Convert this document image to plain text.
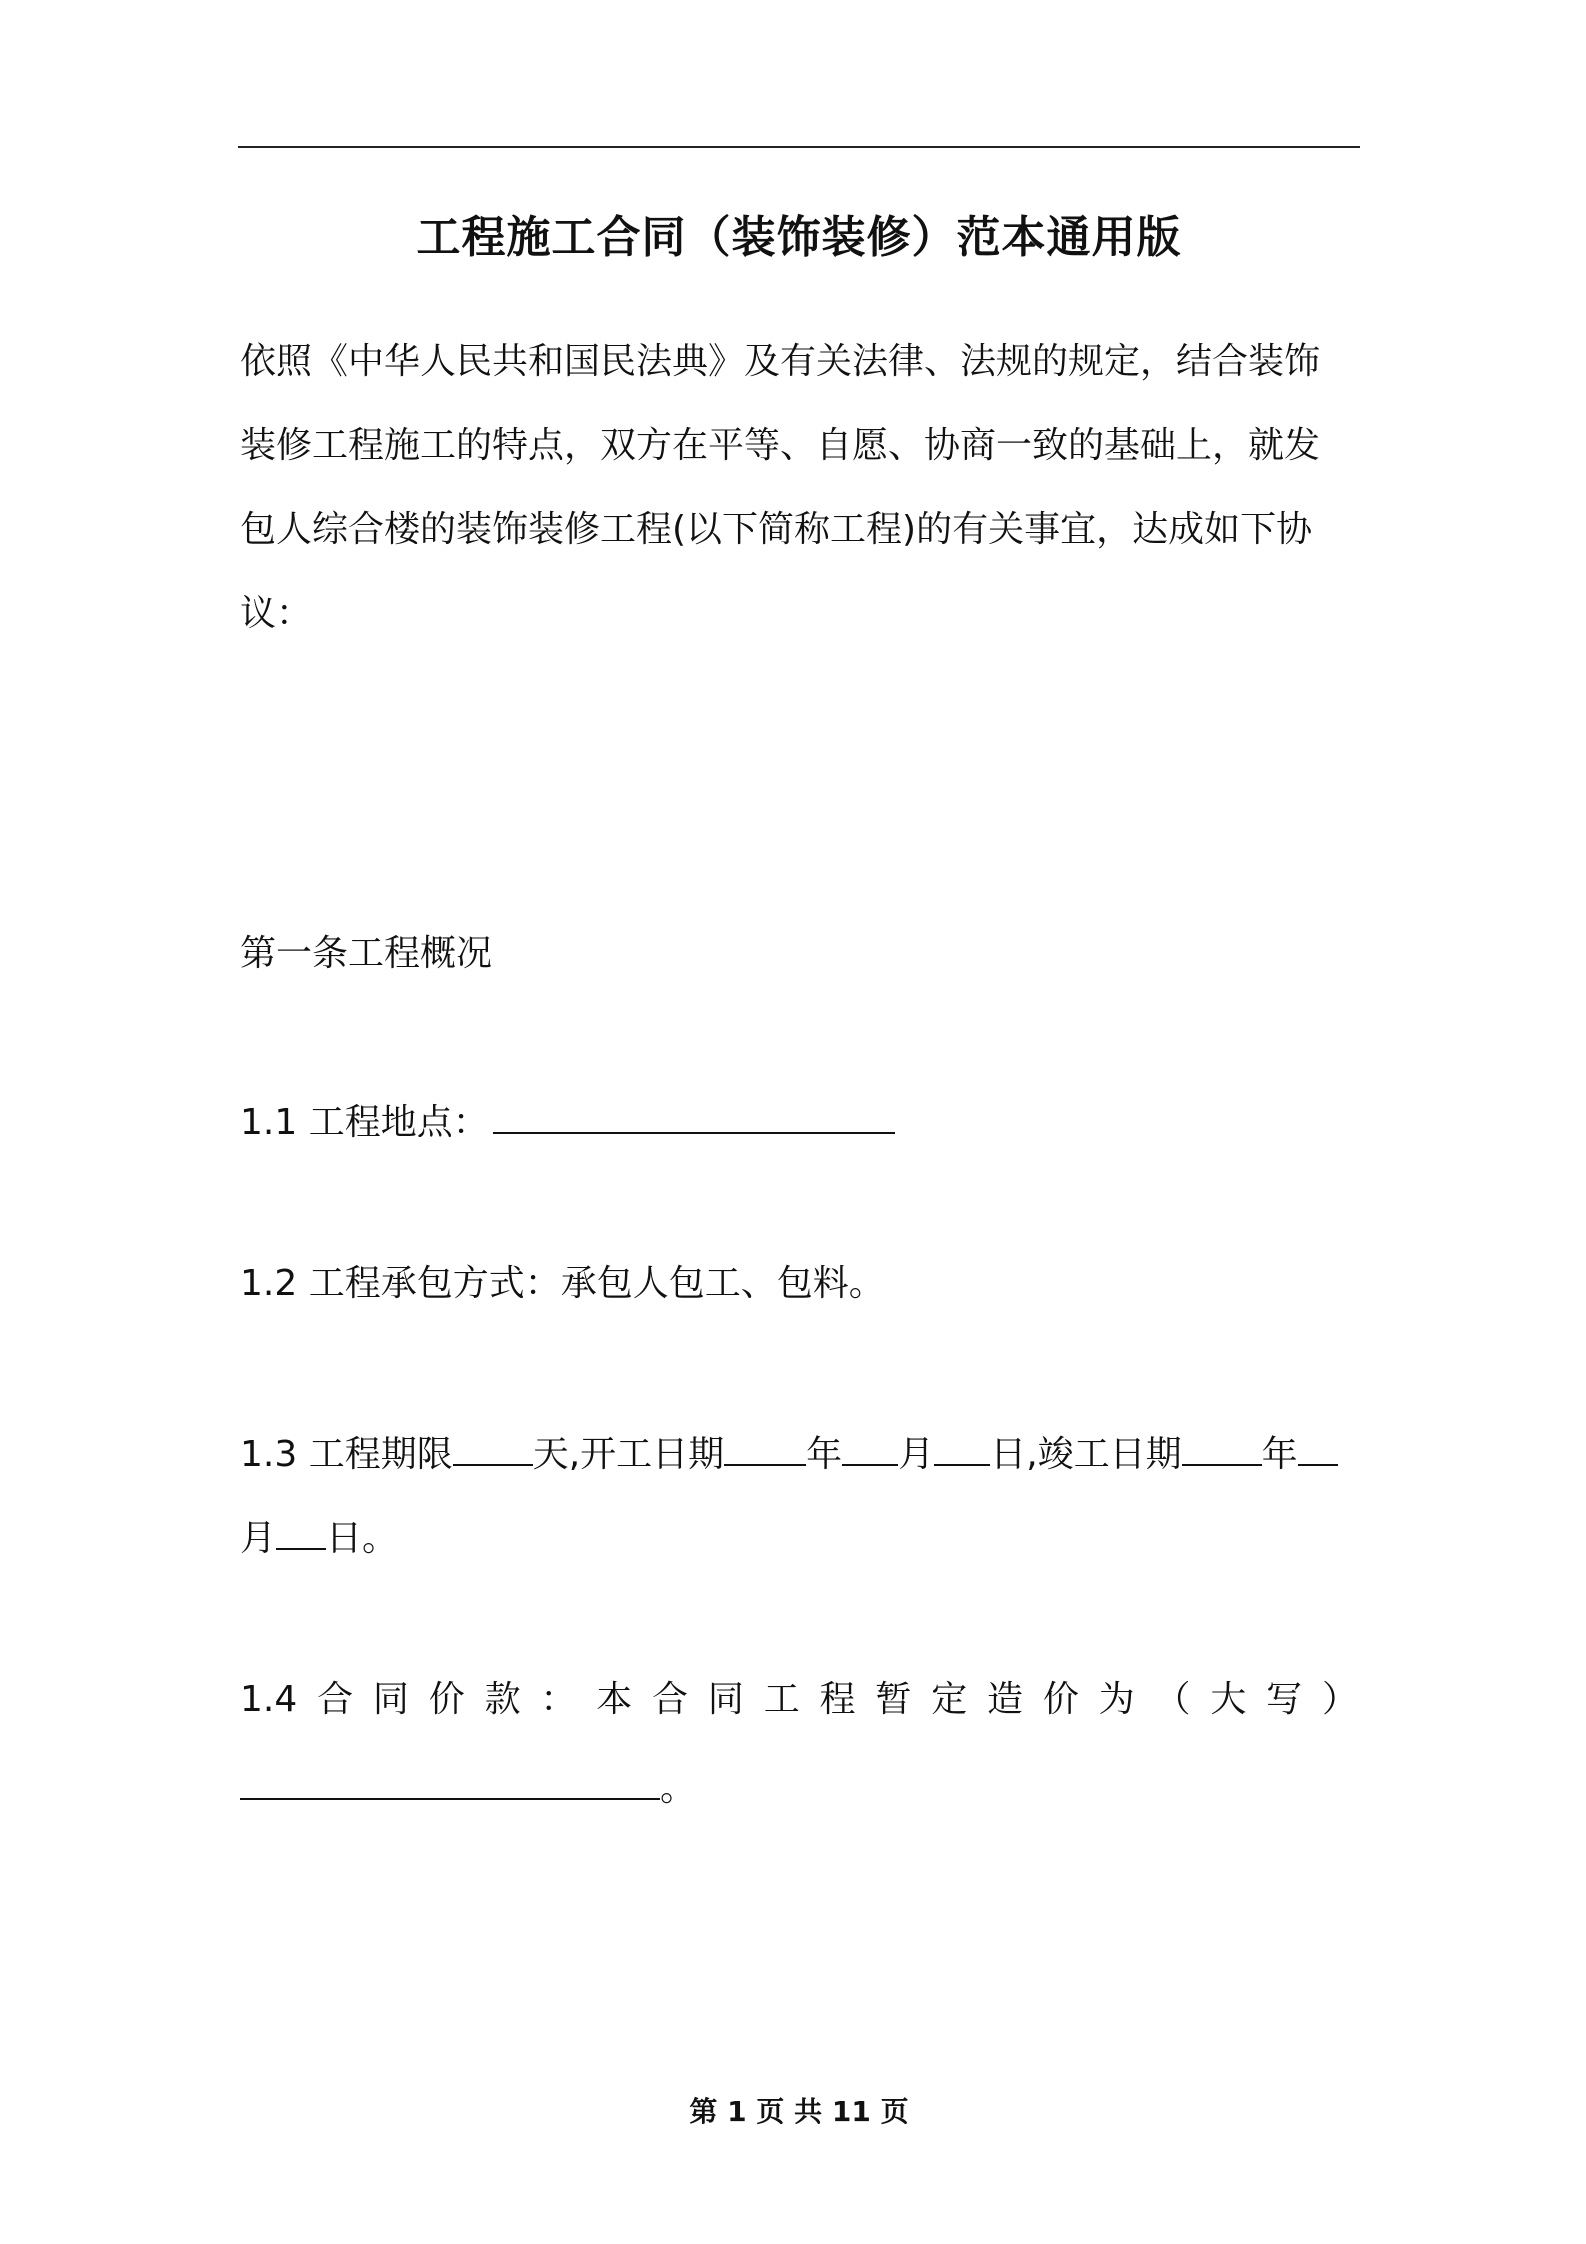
工程施工合同（装饰装修）范本通用版
依照《中华人民共和国民法典》及有关法律、法规的规定，结合装饰
装修工程施工的特点，双方在平等、自愿、协商一致的基础上，就发
包人综合楼的装饰装修工程(以下简称工程)的有关事宜，达成如下协
议：
第一条工程概况
1.1 工程地点：
1.2 工程承包方式：承包人包工、包料。
1.3 工程期限 天,开工日期 年 月 日,竣工日期 年
月 日。
1.4 合 同 价 款 ： 本 合 同 工 程 暂 定 造 价 为 （ 大 写 ）
。
第 1 页 共 11 页
